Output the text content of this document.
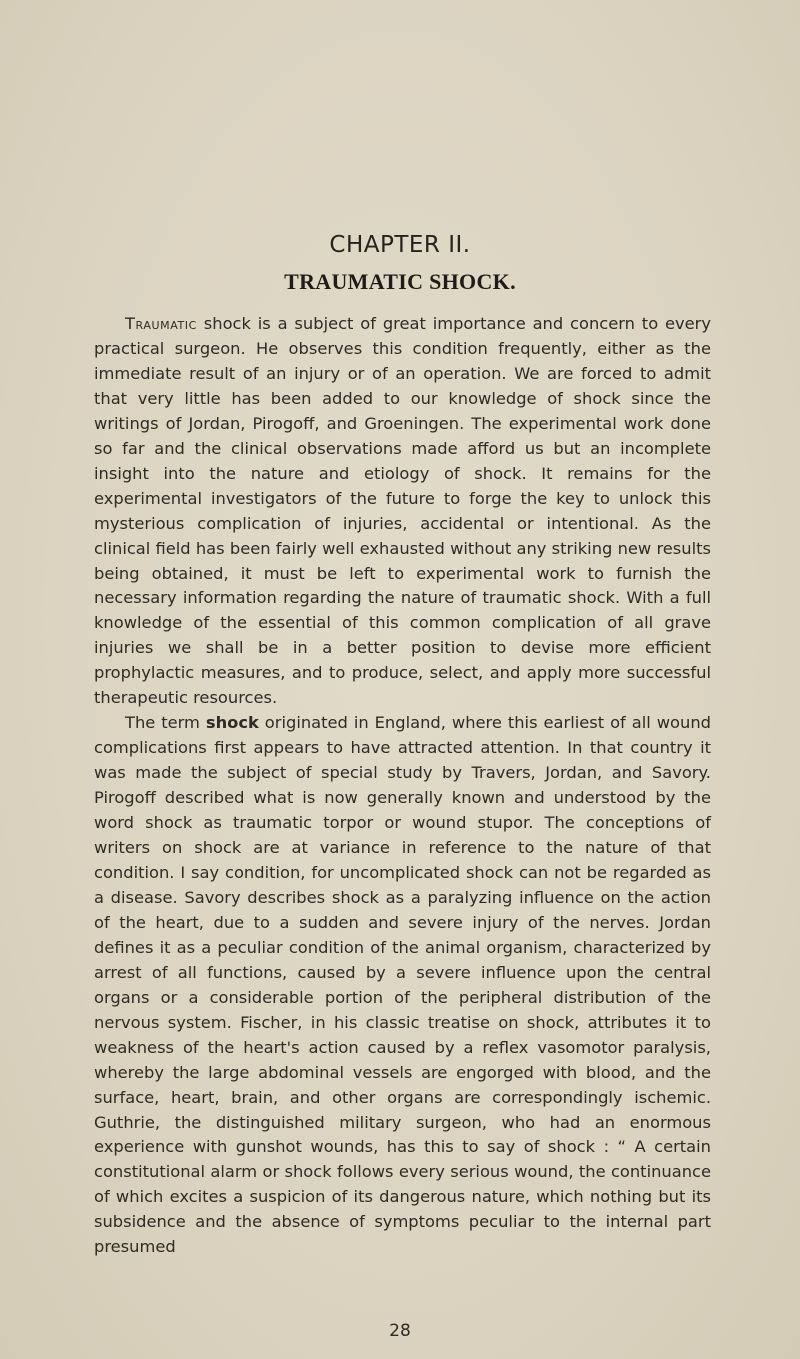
CHAPTER II.
TRAUMATIC SHOCK.

Traumatic shock is a subject of great importance and concern to every practical surgeon. He observes this condition frequently, either as the immediate result of an injury or of an operation. We are forced to admit that very little has been added to our knowledge of shock since the writings of Jordan, Pirogoff, and Groeningen. The experimental work done so far and the clinical observations made afford us but an incomplete insight into the nature and etiology of shock. It remains for the experimental investigators of the future to forge the key to unlock this mysterious complication of injuries, accidental or intentional. As the clinical field has been fairly well exhausted without any striking new results being obtained, it must be left to experimental work to furnish the necessary information regarding the nature of traumatic shock. With a full knowledge of the essential of this common complication of all grave injuries we shall be in a better position to devise more efficient prophylactic measures, and to produce, select, and apply more successful therapeutic resources.

The term shock originated in England, where this earliest of all wound complications first appears to have attracted attention. In that country it was made the subject of special study by Travers, Jordan, and Savory. Pirogoff described what is now generally known and understood by the word shock as traumatic torpor or wound stupor. The conceptions of writers on shock are at variance in reference to the nature of that condition. I say condition, for uncomplicated shock can not be regarded as a disease. Savory describes shock as a paralyzing influence on the action of the heart, due to a sudden and severe injury of the nerves. Jordan defines it as a peculiar condition of the animal organism, characterized by arrest of all functions, caused by a severe influence upon the central organs or a considerable portion of the peripheral distribution of the nervous system. Fischer, in his classic treatise on shock, attributes it to weakness of the heart's action caused by a reflex vasomotor paralysis, whereby the large abdominal vessels are engorged with blood, and the surface, heart, brain, and other organs are correspondingly ischemic. Guthrie, the distinguished military surgeon, who had an enormous experience with gunshot wounds, has this to say of shock : “ A certain constitutional alarm or shock follows every serious wound, the continuance of which excites a suspicion of its dangerous nature, which nothing but its subsidence and the absence of symptoms peculiar to the internal part presumed

28
